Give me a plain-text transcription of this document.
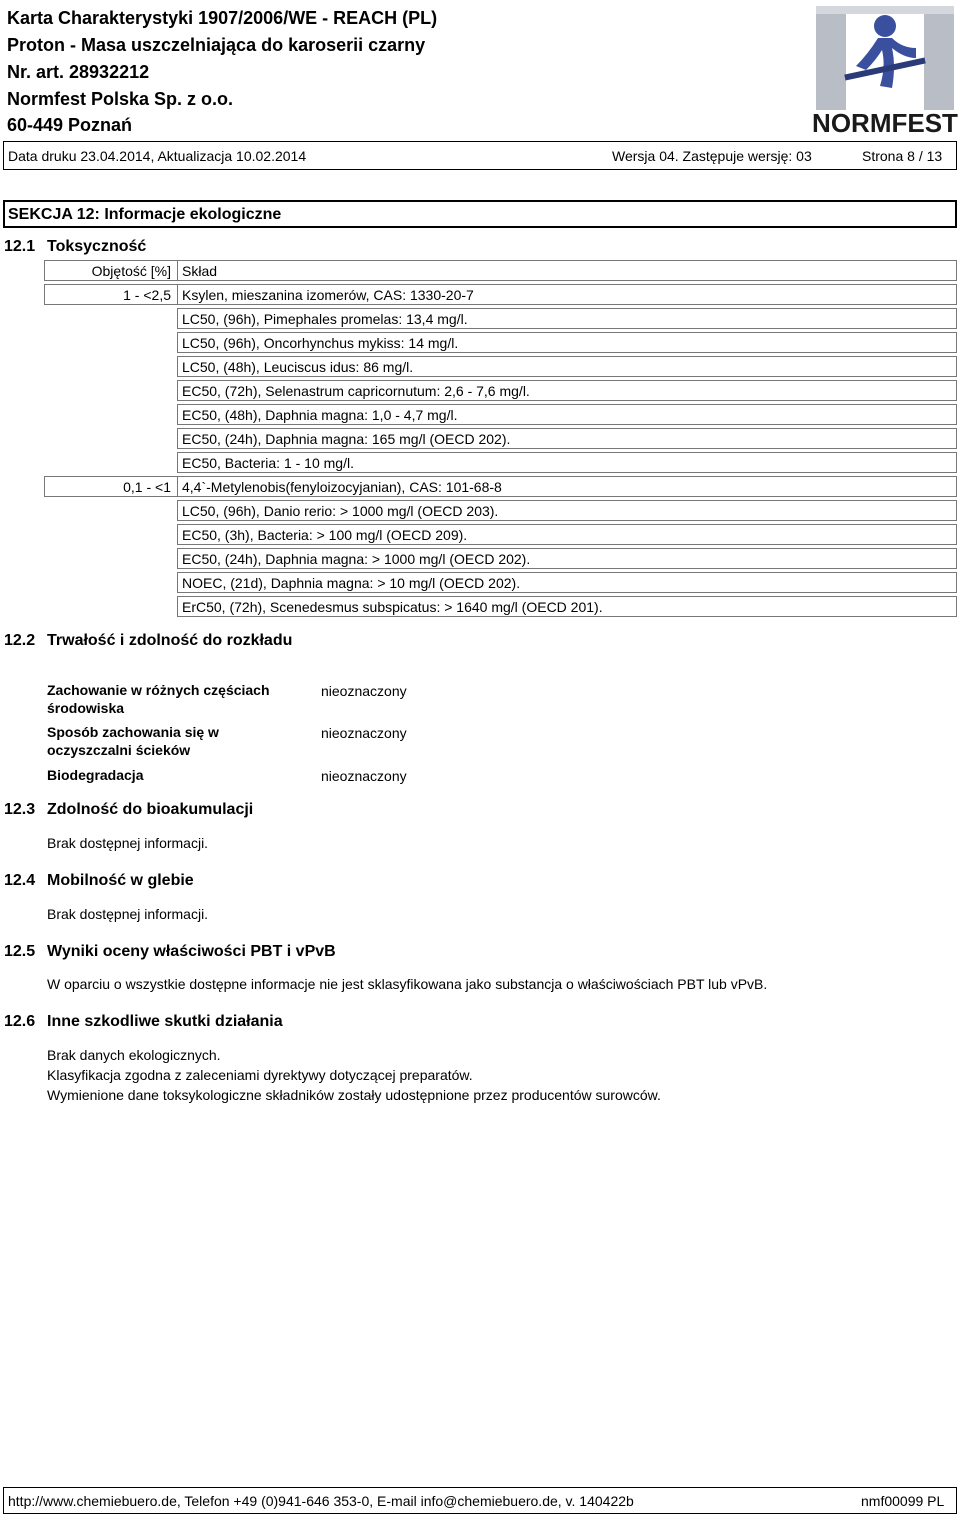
Karta Charakterystyki 1907/2006/WE - REACH (PL)
Proton - Masa uszczelniająca do karoserii czarny
Nr. art. 28932212
Normfest Polska Sp. z o.o.
60-449 Poznań	NORMFEST
Data druku 23.04.2014, Aktualizacja 10.02.2014	Wersja 04. Zastępuje wersję: 03	Strona 8 / 13
SEKCJA 12: Informacje ekologiczne
12.1 Toksyczność
Objętość [%] Skład
1 - <2,5 Ksylen, mieszanina izomerów, CAS: 1330-20-7
LC50, (96h), Pimephales promelas: 13,4 mg/l.
LC50, (96h), Oncorhynchus mykiss: 14 mg/l.
LC50, (48h), Leuciscus idus: 86 mg/l.
EC50, (72h), Selenastrum capricornutum: 2,6 - 7,6 mg/l.
EC50, (48h), Daphnia magna: 1,0 - 4,7 mg/l.
EC50, (24h), Daphnia magna: 165 mg/l (OECD 202).
EC50, Bacteria: 1 - 10 mg/l.
0,1 - <1 4,4`-Metylenobis(fenyloizocyjanian), CAS: 101-68-8
LC50, (96h), Danio rerio: > 1000 mg/l (OECD 203).
EC50, (3h), Bacteria: > 100 mg/l (OECD 209).
EC50, (24h), Daphnia magna: > 1000 mg/l (OECD 202).
NOEC, (21d), Daphnia magna: > 10 mg/l (OECD 202).
ErC50, (72h), Scenedesmus subspicatus: > 1640 mg/l (OECD 201).
12.2 Trwałość i zdolność do rozkładu
Zachowanie w różnych częściach
środowiska
nieoznaczony
Sposób zachowania się w
oczyszczalni ścieków
nieoznaczony
Biodegradacja	nieoznaczony
12.3 Zdolność do bioakumulacji
Brak dostępnej informacji.
12.4 Mobilność w glebie
Brak dostępnej informacji.
12.5 Wyniki oceny właściwości PBT i vPvB
W oparciu o wszystkie dostępne informacje nie jest sklasyfikowana jako substancja o właściwościach PBT lub vPvB.
12.6 Inne szkodliwe skutki działania
Brak danych ekologicznych.
Klasyfikacja zgodna z zaleceniami dyrektywy dotyczącej preparatów.
Wymienione dane toksykologiczne składników zostały udostępnione przez producentów surowców.
http://www.chemiebuero.de, Telefon +49 (0)941-646 353-0, E-mail info@chemiebuero.de, v. 140422b	nmf00099 PL
